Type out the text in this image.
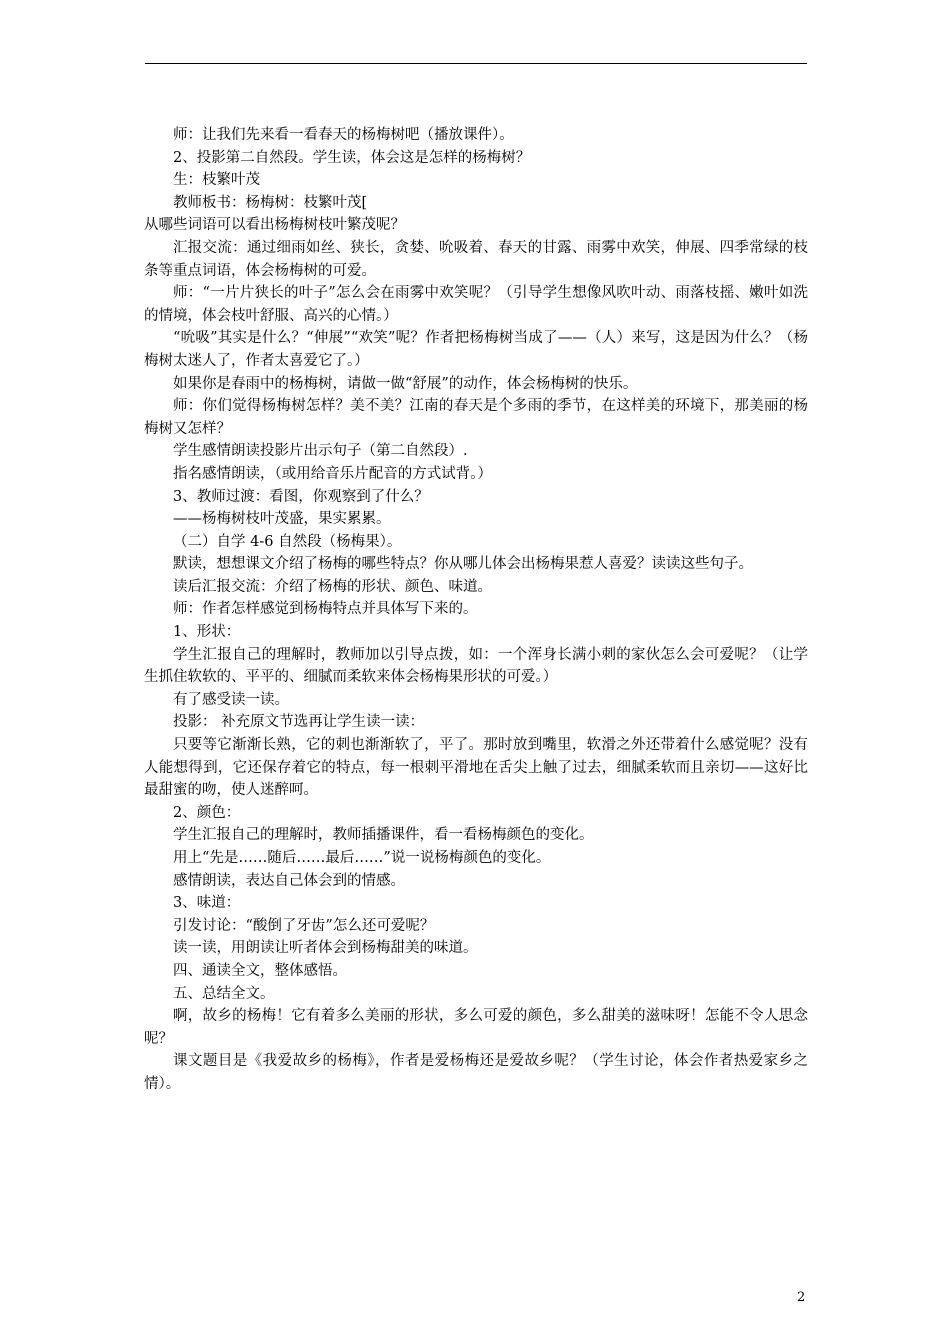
师：让我们先来看一看春天的杨梅树吧（播放课件）。

2、投影第二自然段。学生读，体会这是怎样的杨梅树？

生：枝繁叶茂

教师板书：杨梅树：枝繁叶茂[

从哪些词语可以看出杨梅树枝叶繁茂呢？

汇报交流：通过细雨如丝、狭长，贪婪、吮吸着、春天的甘露、雨雾中欢笑，伸展、四季常绿的枝条等重点词语，体会杨梅树的可爱。

师：“一片片狭长的叶子”怎么会在雨雾中欢笑呢？（引导学生想像风吹叶动、雨落枝摇、嫩叶如洗的情境，体会枝叶舒服、高兴的心情。）

“吮吸”其实是什么？“伸展”“欢笑”呢？作者把杨梅树当成了——（人）来写，这是因为什么？（杨梅树太迷人了，作者太喜爱它了。）

如果你是春雨中的杨梅树，请做一做“舒展”的动作，体会杨梅树的快乐。

师：你们觉得杨梅树怎样？美不美？江南的春天是个多雨的季节，在这样美的环境下，那美丽的杨梅树又怎样？

学生感情朗读投影片出示句子（第二自然段）.

指名感情朗读，（或用给音乐片配音的方式试背。）

3、教师过渡：看图，你观察到了什么？

——杨梅树枝叶茂盛，果实累累。

（二）自学 4-6 自然段（杨梅果）。

默读，想想课文介绍了杨梅的哪些特点？你从哪儿体会出杨梅果惹人喜爱？读读这些句子。

读后汇报交流：介绍了杨梅的形状、颜色、味道。

师：作者怎样感觉到杨梅特点并具体写下来的。

1、形状：

学生汇报自己的理解时，教师加以引导点拨，如：一个浑身长满小刺的家伙怎么会可爱呢？（让学生抓住软软的、平平的、细腻而柔软来体会杨梅果形状的可爱。）

有了感受读一读。

投影： 补充原文节选再让学生读一读：

只要等它渐渐长熟，它的刺也渐渐软了，平了。那时放到嘴里，软滑之外还带着什么感觉呢？没有人能想得到，它还保存着它的特点，每一根刺平滑地在舌尖上触了过去，细腻柔软而且亲切——这好比最甜蜜的吻，使人迷醉呵。

2、颜色：

学生汇报自己的理解时，教师插播课件，看一看杨梅颜色的变化。

用上“先是……随后……最后……”说一说杨梅颜色的变化。

感情朗读，表达自己体会到的情感。

3、味道：

引发讨论：“酸倒了牙齿”怎么还可爱呢？

读一读，用朗读让听者体会到杨梅甜美的味道。

四、通读全文，整体感悟。

五、总结全文。

啊，故乡的杨梅！它有着多么美丽的形状，多么可爱的颜色，多么甜美的滋味呀！怎能不令人思念呢？

课文题目是《我爱故乡的杨梅》，作者是爱杨梅还是爱故乡呢？（学生讨论，体会作者热爱家乡之情）。

2
